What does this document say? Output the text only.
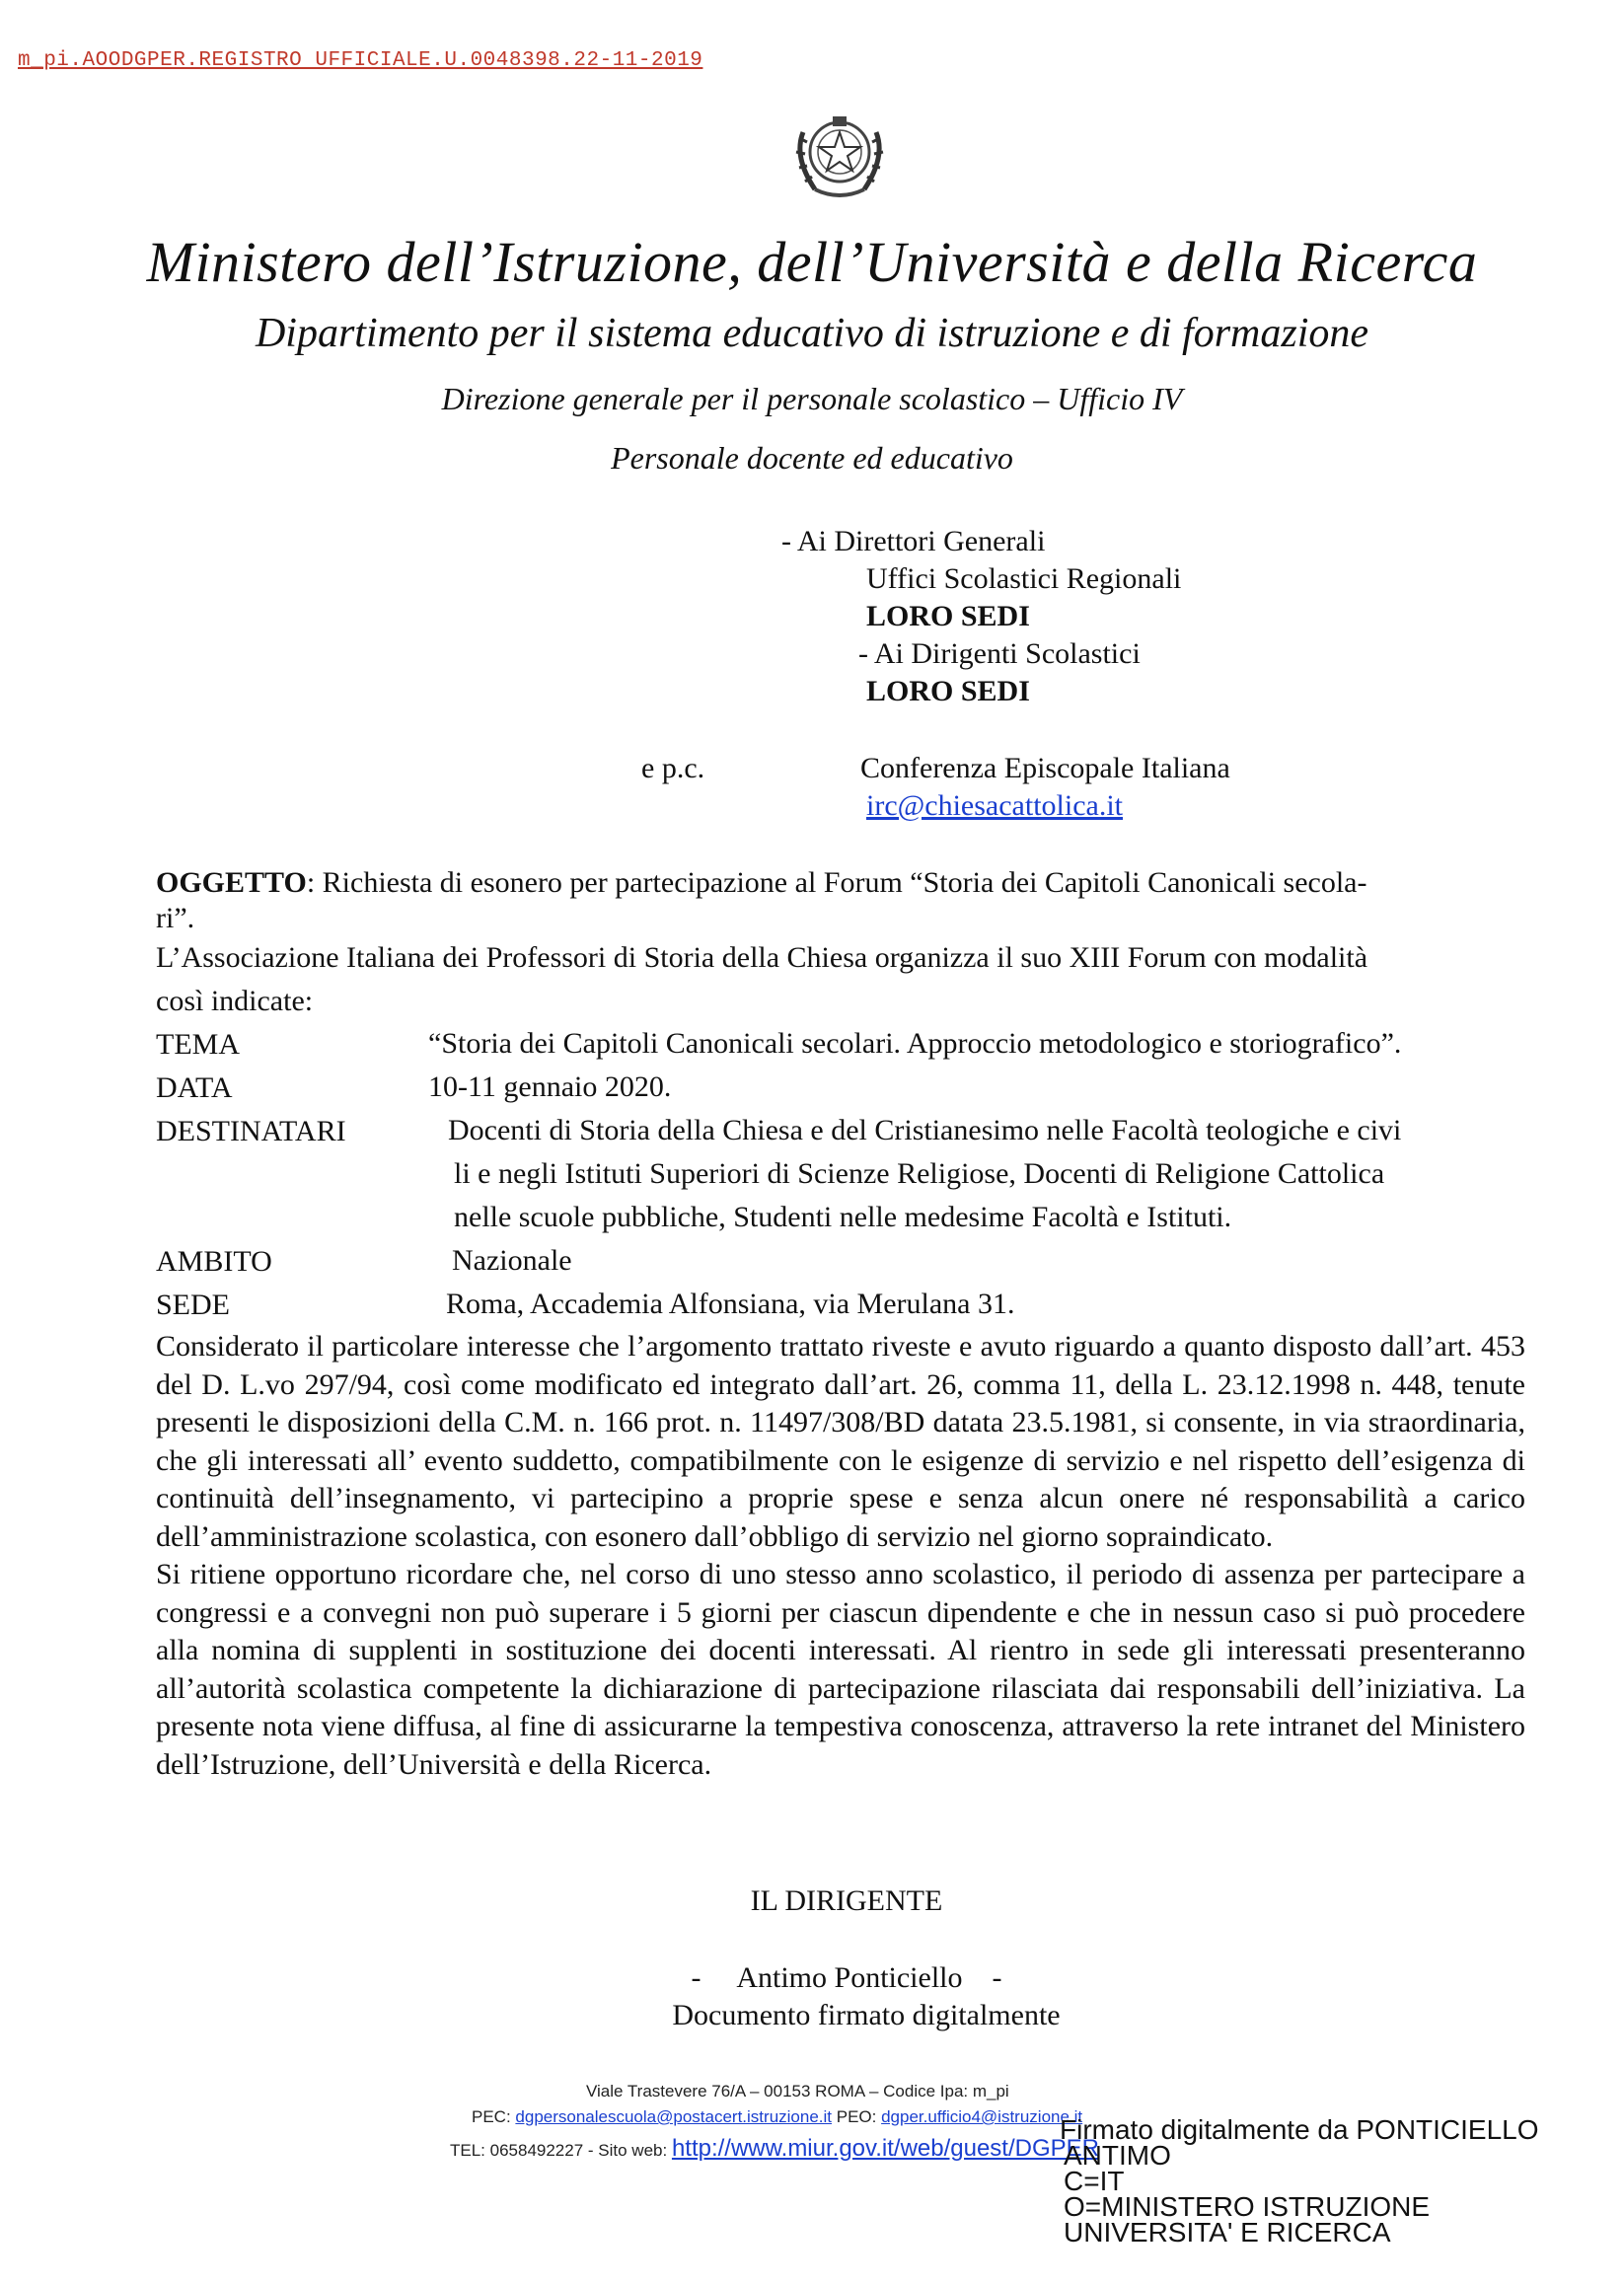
m_pi.AOODGPER.REGISTRO UFFICIALE.U.0048398.22-11-2019
Ministero dell’Istruzione, dell’Università e della Ricerca
Dipartimento per il sistema educativo di istruzione e di formazione
Direzione generale per il personale scolastico – Ufficio IV
Personale docente ed educativo
- Ai Direttori Generali
Uffici Scolastici Regionali
LORO SEDI
- Ai Dirigenti Scolastici
LORO SEDI
e p.c.	Conferenza Episcopale Italiana
irc@chiesacattolica.it
OGGETTO: Richiesta di esonero per partecipazione al Forum “Storia dei Capitoli Canonicali secola-
ri”.
L’Associazione Italiana dei Professori di Storia della Chiesa organizza il suo XIII Forum con modalità
così indicate:
TEMA	“Storia dei Capitoli Canonicali secolari. Approccio metodologico e storiografico”.
DATA	10-11 gennaio 2020.
DESTINATARI	Docenti di Storia della Chiesa e del Cristianesimo nelle Facoltà teologiche e civi
li e negli Istituti Superiori di Scienze Religiose, Docenti di Religione Cattolica
nelle scuole pubbliche, Studenti nelle medesime Facoltà e Istituti.
AMBITO	Nazionale
SEDE	Roma, Accademia Alfonsiana, via Merulana 31.

Considerato il particolare interesse che l’argomento trattato riveste e avuto riguardo a quanto disposto dall’art. 453 del D. L.vo 297/94, così come modificato ed integrato dall’art. 26, comma 11, della L. 23.12.1998 n. 448, tenute presenti le disposizioni della C.M. n. 166 prot. n. 11497/308/BD datata 23.5.1981, si consente, in via straordinaria, che gli interessati all’ evento suddetto, compatibilmente con le esigenze di servizio e nel rispetto dell’esigenza di continuità dell’insegnamento, vi partecipino a proprie spese e senza alcun onere né responsabilità a carico dell’amministrazione scolastica, con esonero dall’obbligo di servizio nel giorno sopraindicato.

Si ritiene opportuno ricordare che, nel corso di uno stesso anno scolastico, il periodo di assenza per partecipare a congressi e a convegni non può superare i 5 giorni per ciascun dipendente e che in nessun caso si può procedere alla nomina di supplenti in sostituzione dei docenti interessati. Al rientro in sede gli interessati presenteranno all’autorità scolastica competente la dichiarazione di partecipazione rilasciata dai responsabili dell’iniziativa. La presente nota viene diffusa, al fine di assicurarne la tempestiva conoscenza, attraverso la rete intranet del Ministero dell’Istruzione, dell’Università e della Ricerca.

IL DIRIGENTE
-     Antimo Ponticiello    -
Documento firmato digitalmente
Viale Trastevere 76/A – 00153 ROMA – Codice Ipa: m_pi
PEC: dgpersonalescuola@postacert.istruzione.it PEO: dgper.ufficio4@istruzione.it
TEL: 0658492227 - Sito web: http://www.miur.gov.it/web/guest/DGPER
Firmato digitalmente da PONTICIELLO
ANTIMO
C=IT
O=MINISTERO ISTRUZIONE
UNIVERSITA' E RICERCA
